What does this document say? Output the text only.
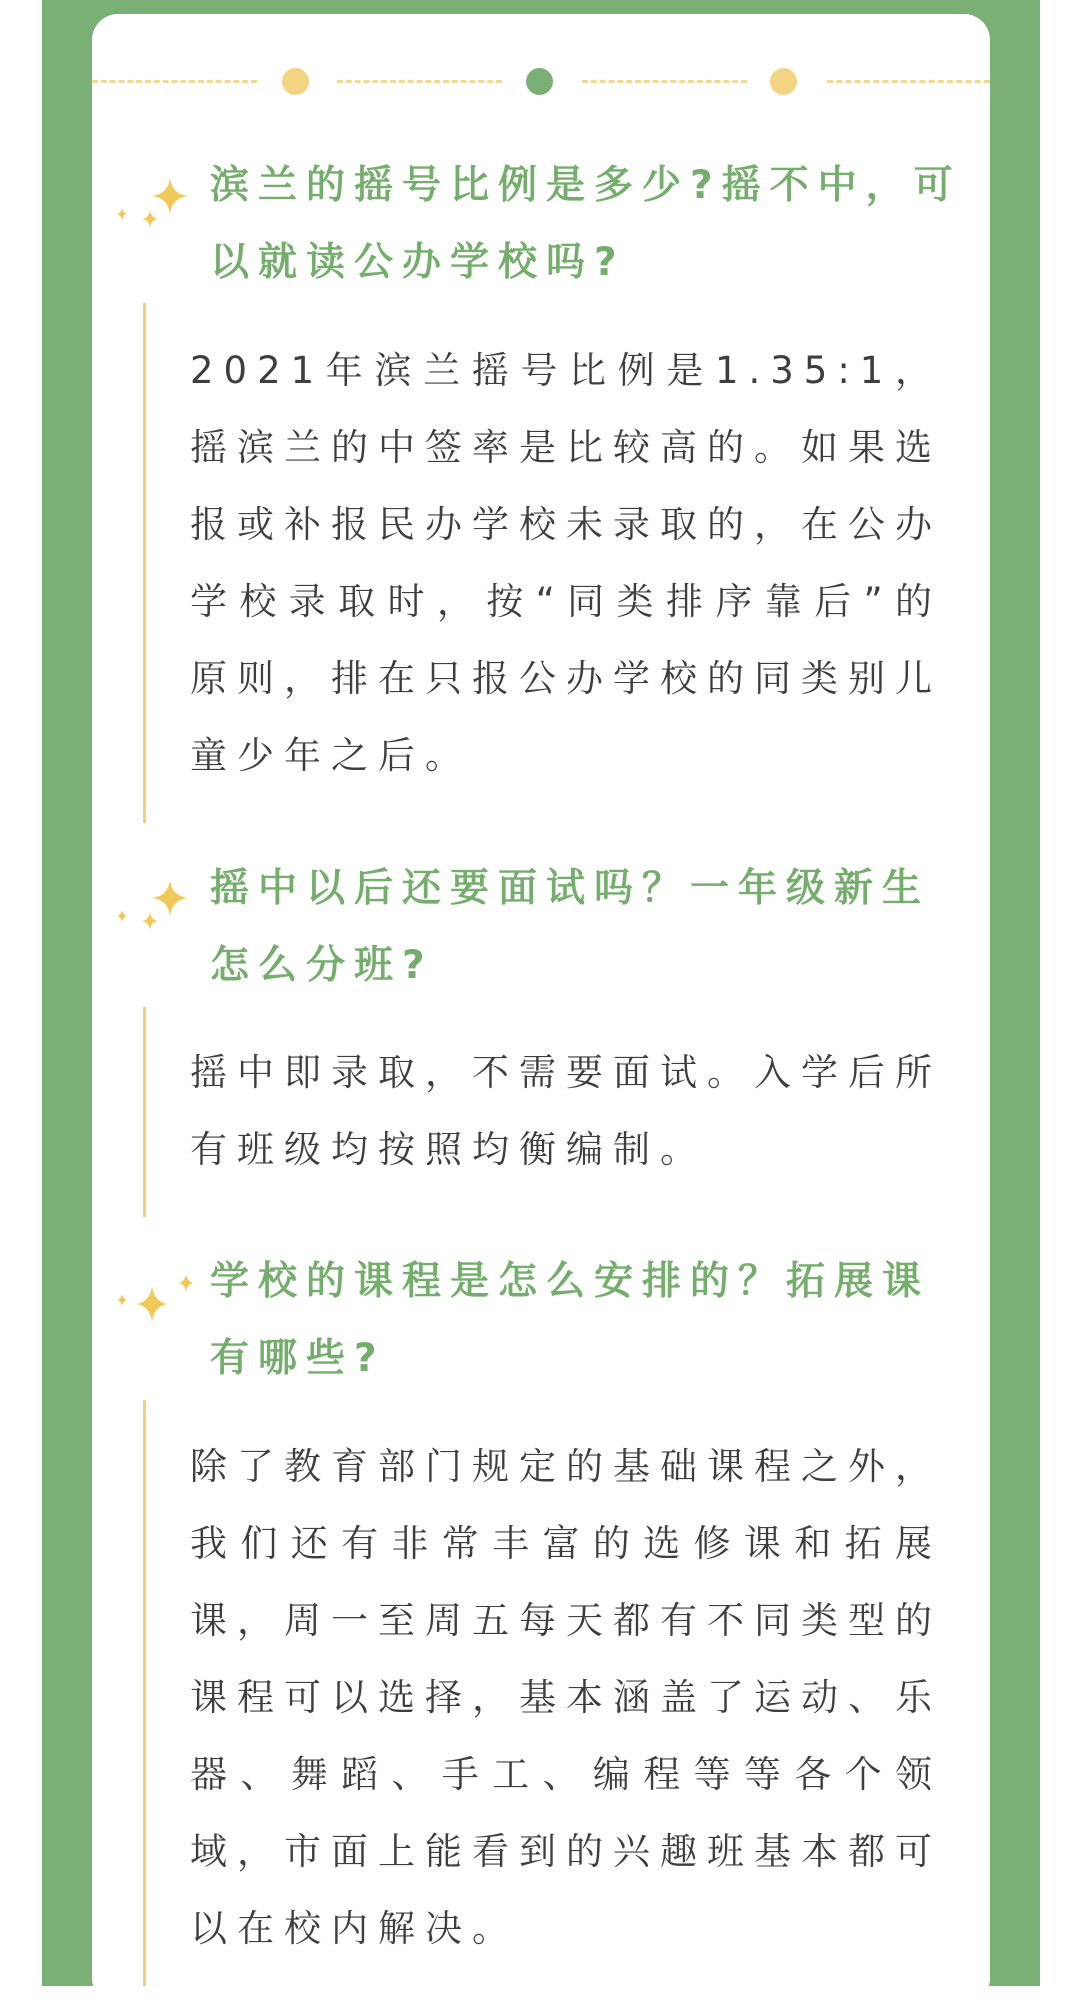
滨兰的摇号比例是多少?摇不中，可以就读公办学校吗?

2021年滨兰摇号比例是1.35:1，摇滨兰的中签率是比较高的。如果选报或补报民办学校未录取的，在公办学校录取时，按“同类排序靠后”的原则，排在只报公办学校的同类别儿童少年之后。

摇中以后还要面试吗？一年级新生怎么分班?

摇中即录取，不需要面试。入学后所有班级均按照均衡编制。

学校的课程是怎么安排的？拓展课有哪些?

除了教育部门规定的基础课程之外，我们还有非常丰富的选修课和拓展课，周一至周五每天都有不同类型的课程可以选择，基本涵盖了运动、乐器、舞蹈、手工、编程等等各个领域，市面上能看到的兴趣班基本都可以在校内解决。
